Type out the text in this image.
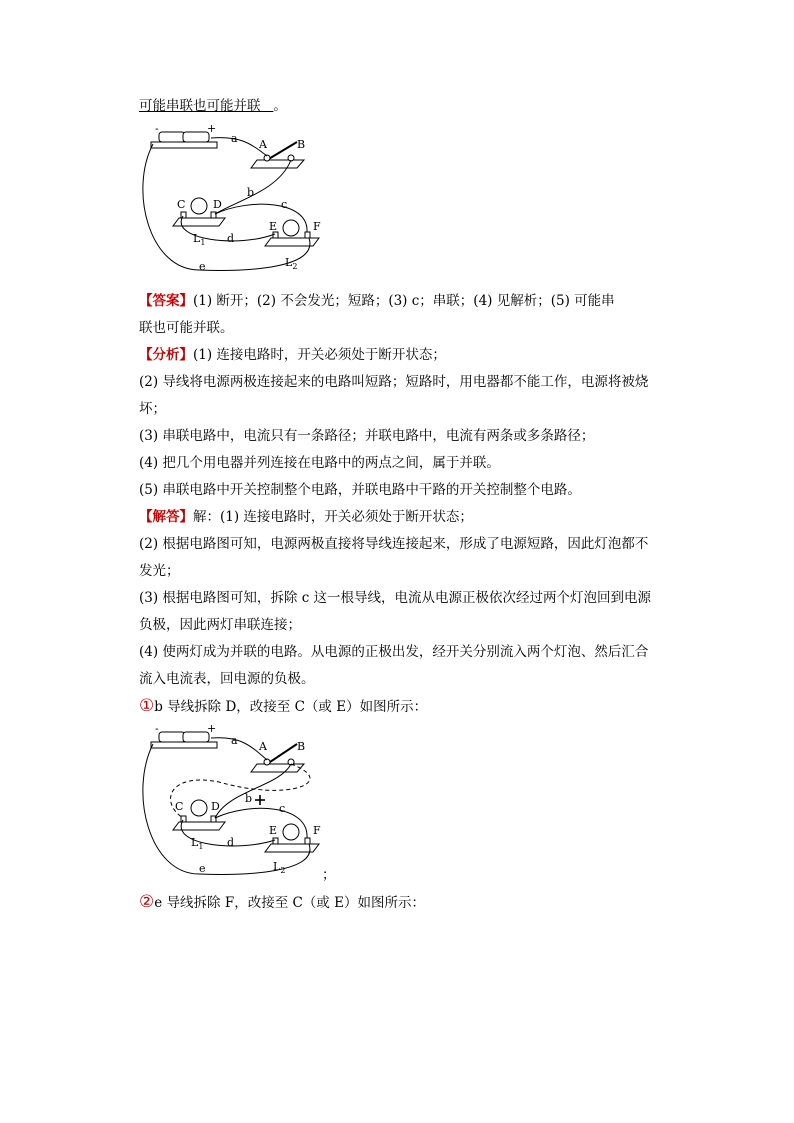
可能串联也可能并联 。
-	+
A	B
C	D
$L_1$
E	F
$L_2$
a
b
c
d
e
【答案】(1) 断开；(2) 不会发光；短路；(3) c；串联；(4) 见解析；(5) 可能串
联也可能并联。
【分析】(1) 连接电路时，开关必须处于断开状态；
(2) 导线将电源两极连接起来的电路叫短路；短路时，用电器都不能工作，电源将被烧
坏；
(3) 串联电路中，电流只有一条路径；并联电路中，电流有两条或多条路径；
(4) 把几个用电器并列连接在电路中的两点之间，属于并联。
(5) 串联电路中开关控制整个电路，并联电路中干路的开关控制整个电路。
【解答】解：(1) 连接电路时，开关必须处于断开状态；
(2) 根据电路图可知，电源两极直接将导线连接起来，形成了电源短路，因此灯泡都不
发光；
(3) 根据电路图可知，拆除 c 这一根导线，电流从电源正极依次经过两个灯泡回到电源
负极，因此两灯串联连接；
(4) 使两灯成为并联的电路。从电源的正极出发，经开关分别流入两个灯泡、然后汇合
流入电流表，回电源的负极。
①b 导线拆除 D，改接至 C（或 E）如图所示：
-	+
A	B
C	D
$L_1$
E	F
$L_2$
a
b
c
d
e	；
②e 导线拆除 F，改接至 C（或 E）如图所示：
